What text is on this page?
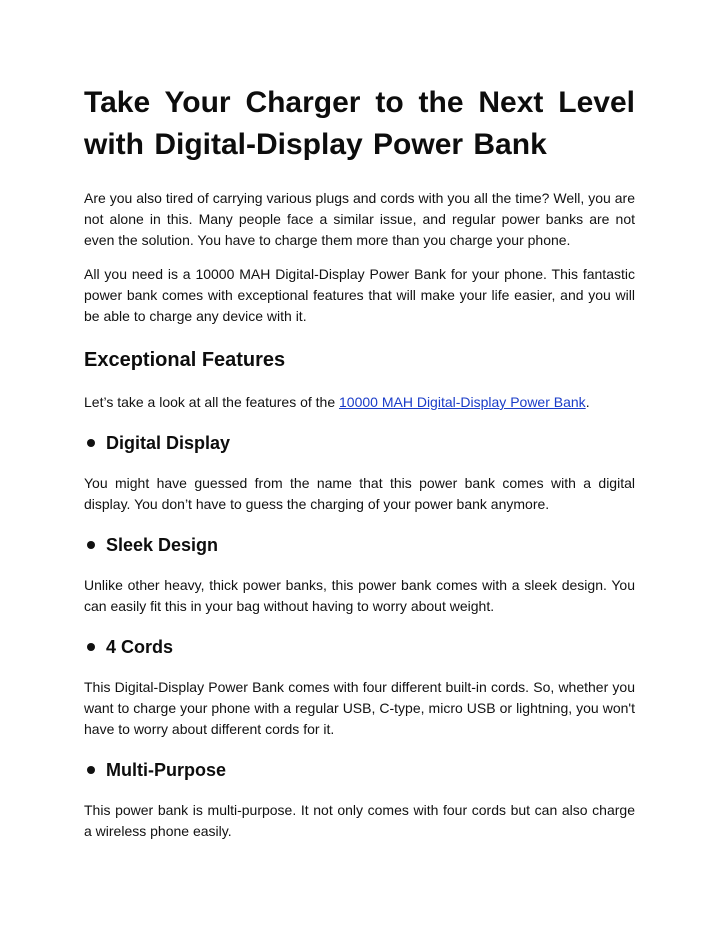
Take Your Charger to the Next Level with Digital-Display Power Bank

Are you also tired of carrying various plugs and cords with you all the time? Well, you are not alone in this. Many people face a similar issue, and regular power banks are not even the solution. You have to charge them more than you charge your phone.

All you need is a 10000 MAH Digital-Display Power Bank for your phone. This fantastic power bank comes with exceptional features that will make your life easier, and you will be able to charge any device with it.

Exceptional Features

Let’s take a look at all the features of the 10000 MAH Digital-Display Power Bank.

Digital Display

You might have guessed from the name that this power bank comes with a digital display. You don’t have to guess the charging of your power bank anymore.

Sleek Design

Unlike other heavy, thick power banks, this power bank comes with a sleek design. You can easily fit this in your bag without having to worry about weight.

4 Cords

This Digital-Display Power Bank comes with four different built-in cords. So, whether you want to charge your phone with a regular USB, C-type, micro USB or lightning, you won't have to worry about different cords for it.

Multi-Purpose

This power bank is multi-purpose. It not only comes with four cords but can also charge a wireless phone easily.
